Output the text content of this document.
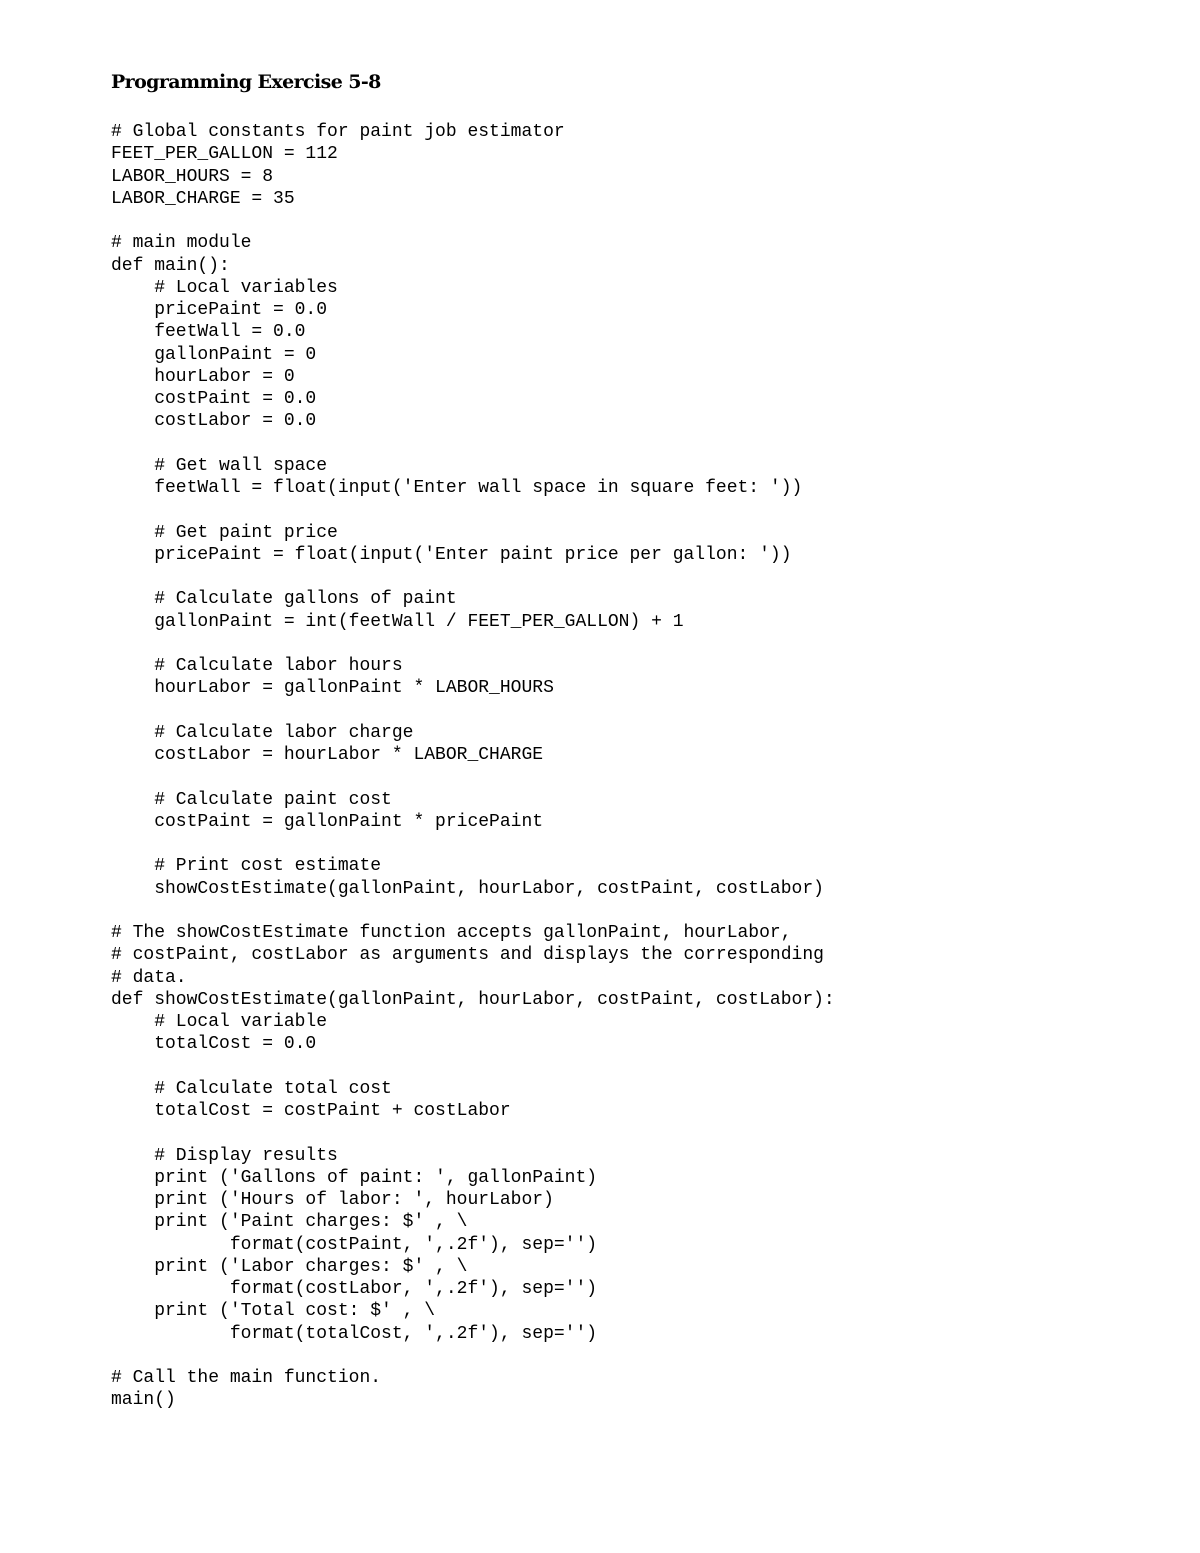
Programming Exercise 5-8
# Global constants for paint job estimator
FEET_PER_GALLON = 112
LABOR_HOURS = 8
LABOR_CHARGE = 35
# main module
def main():
# Local variables
pricePaint = 0.0
feetWall = 0.0
gallonPaint = 0
hourLabor = 0
costPaint = 0.0
costLabor = 0.0
# Get wall space
feetWall = float(input('Enter wall space in square feet: '))
# Get paint price
pricePaint = float(input('Enter paint price per gallon: '))
# Calculate gallons of paint
gallonPaint = int(feetWall / FEET_PER_GALLON) + 1
# Calculate labor hours
hourLabor = gallonPaint * LABOR_HOURS
# Calculate labor charge
costLabor = hourLabor * LABOR_CHARGE
# Calculate paint cost
costPaint = gallonPaint * pricePaint
# Print cost estimate
showCostEstimate(gallonPaint, hourLabor, costPaint, costLabor)
# The showCostEstimate function accepts gallonPaint, hourLabor,
# costPaint, costLabor as arguments and displays the corresponding
# data.
def showCostEstimate(gallonPaint, hourLabor, costPaint, costLabor):
# Local variable
totalCost = 0.0
# Calculate total cost
totalCost = costPaint + costLabor
# Display results
print ('Gallons of paint: ', gallonPaint)
print ('Hours of labor: ', hourLabor)
print ('Paint charges: $' , \
format(costPaint, ',.2f'), sep='')
print ('Labor charges: $' , \
format(costLabor, ',.2f'), sep='')
print ('Total cost: $' , \
format(totalCost, ',.2f'), sep='')
# Call the main function.
main()
